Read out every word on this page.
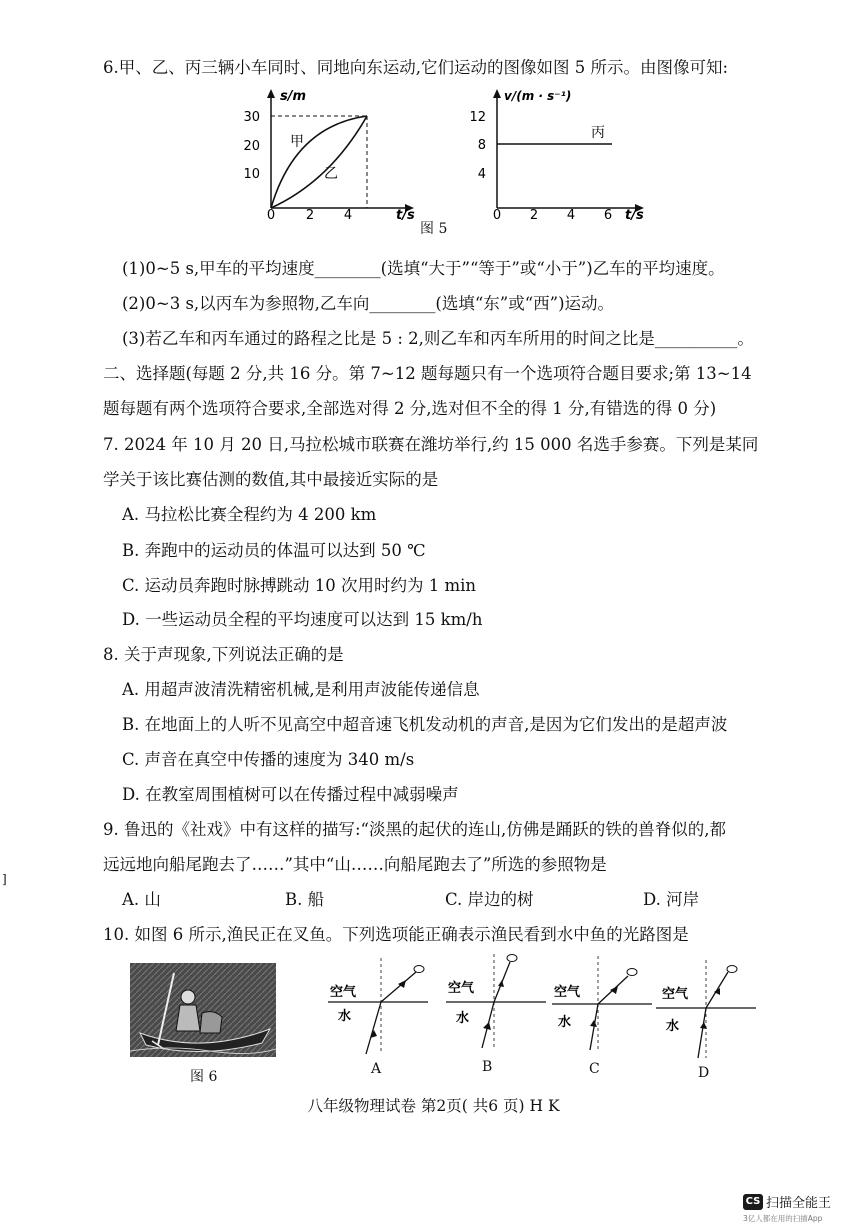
6.甲、乙、丙三辆小车同时、同地向东运动,它们运动的图像如图 5 所示。由图像可知:
30
20
10
0 2 4
s/m
t/s
甲
乙
12
8
4
0 2 4 6
v/(m · s⁻¹)
t/s
丙
图 5
(1)0~5 s,甲车的平均速度________(选填“大于”“等于”或“小于”)乙车的平均速度。
(2)0~3 s,以丙车为参照物,乙车向________(选填“东”或“西”)运动。
(3)若乙车和丙车通过的路程之比是 5 : 2,则乙车和丙车所用的时间之比是__________。
二、选择题(每题 2 分,共 16 分。第 7~12 题每题只有一个选项符合题目要求;第 13~14
题每题有两个选项符合要求,全部选对得 2 分,选对但不全的得 1 分,有错选的得 0 分)
7. 2024 年 10 月 20 日,马拉松城市联赛在潍坊举行,约 15 000 名选手参赛。下列是某同
学关于该比赛估测的数值,其中最接近实际的是
A. 马拉松比赛全程约为 4 200 km
B. 奔跑中的运动员的体温可以达到 50 ℃
C. 运动员奔跑时脉搏跳动 10 次用时约为 1 min
D. 一些运动员全程的平均速度可以达到 15 km/h
8. 关于声现象,下列说法正确的是
A. 用超声波清洗精密机械,是利用声波能传递信息
B. 在地面上的人听不见高空中超音速飞机发动机的声音,是因为它们发出的是超声波
C. 声音在真空中传播的速度为 340 m/s
D. 在教室周围植树可以在传播过程中减弱噪声
9. 鲁迅的《社戏》中有这样的描写:“淡黑的起伏的连山,仿佛是踊跃的铁的兽脊似的,都
远远地向船尾跑去了……”其中“山……向船尾跑去了”所选的参照物是
A. 山	B. 船	C. 岸边的树	D. 河岸
]
10. 如图 6 所示,渔民正在叉鱼。下列选项能正确表示渔民看到水中鱼的光路图是
图 6
空气
水
A
空气
水
B
空气
水
C
空气
水
D
八年级物理试卷 第2页( 共6 页) H K
CS 扫描全能王
3亿人都在用的扫描App
